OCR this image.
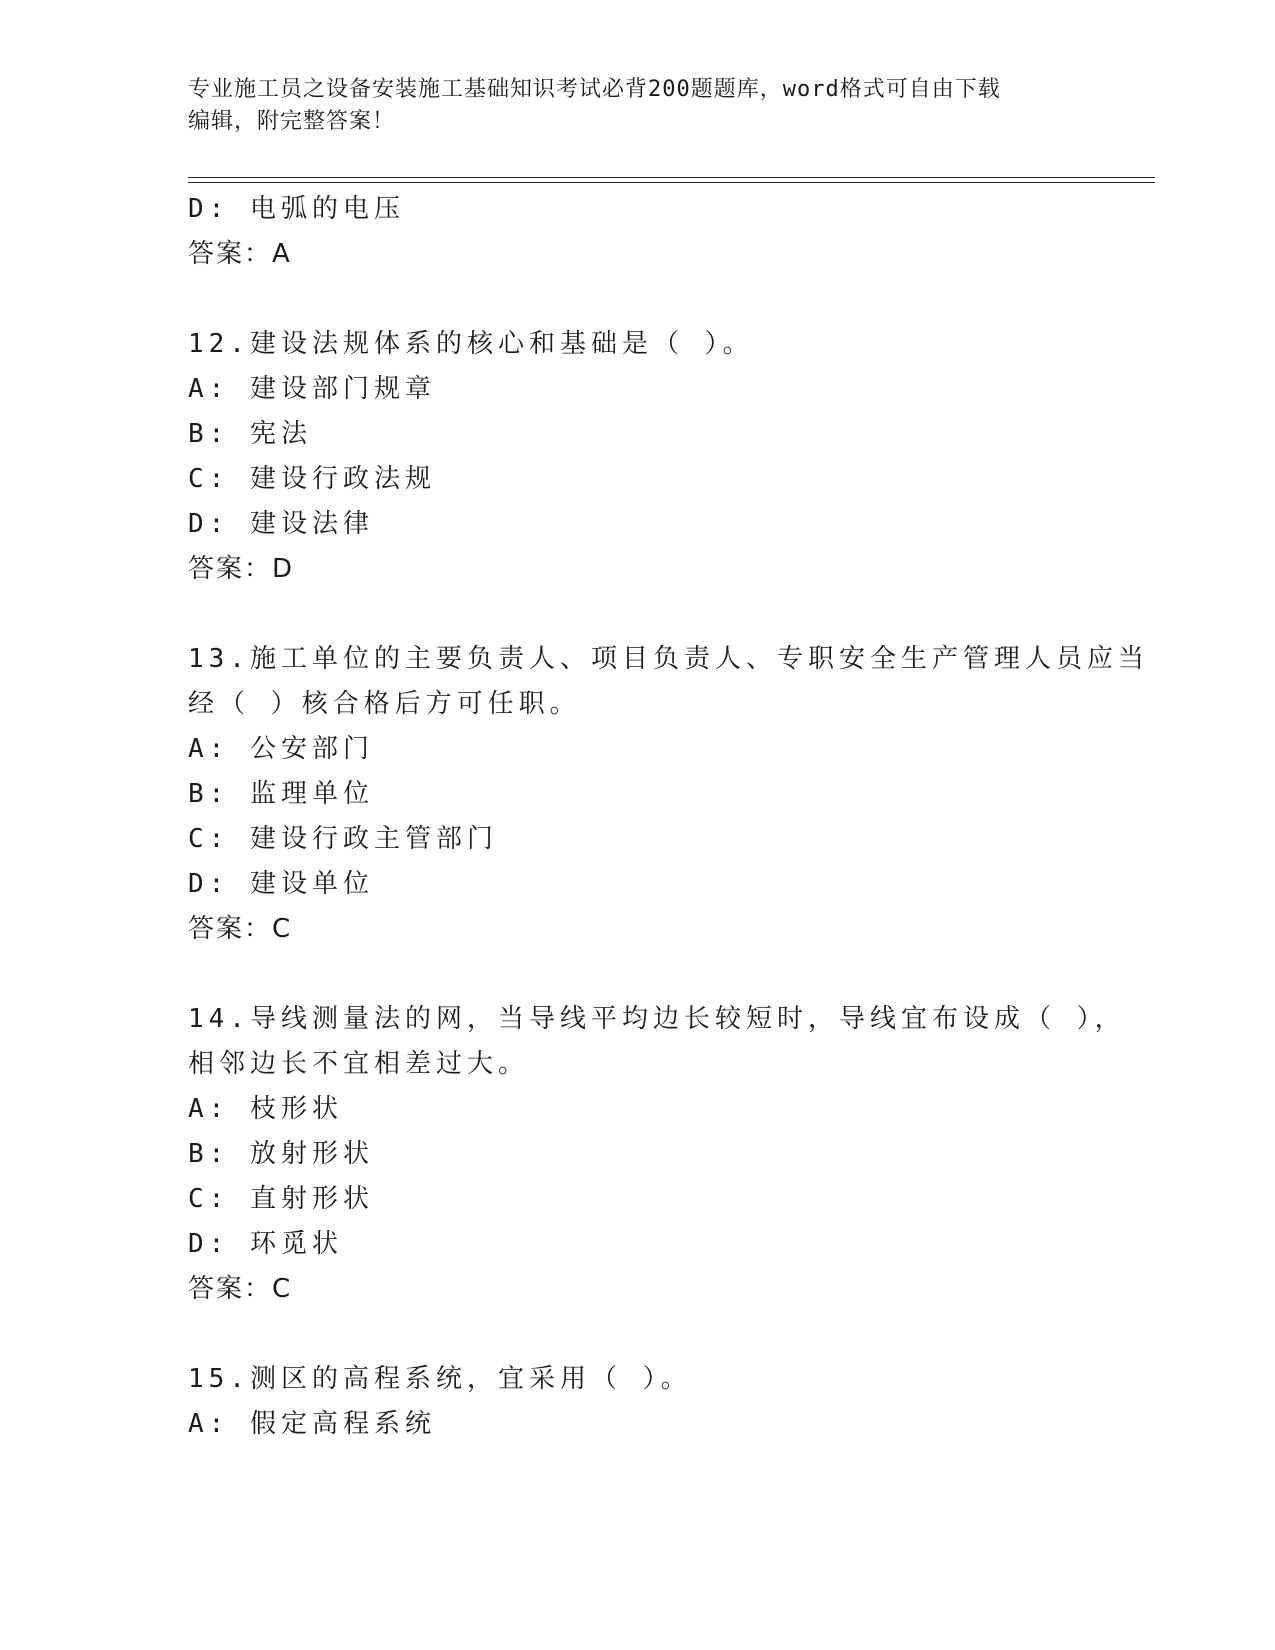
专业施工员之设备安装施工基础知识考试必背200题题库，word格式可自由下载
编辑，附完整答案！
D: 电弧的电压
答案：A
12.建设法规体系的核心和基础是（ ）。
A: 建设部门规章
B: 宪法
C: 建设行政法规
D: 建设法律
答案：D
13.施工单位的主要负责人、项目负责人、专职安全生产管理人员应当
经（ ）核合格后方可任职。
A: 公安部门
B: 监理单位
C: 建设行政主管部门
D: 建设单位
答案：C
14.导线测量法的网，当导线平均边长较短时，导线宜布设成（ ），
相邻边长不宜相差过大。
A: 枝形状
B: 放射形状
C: 直射形状
D: 环觅状
答案：C
15.测区的高程系统，宜采用（ ）。
A: 假定高程系统
